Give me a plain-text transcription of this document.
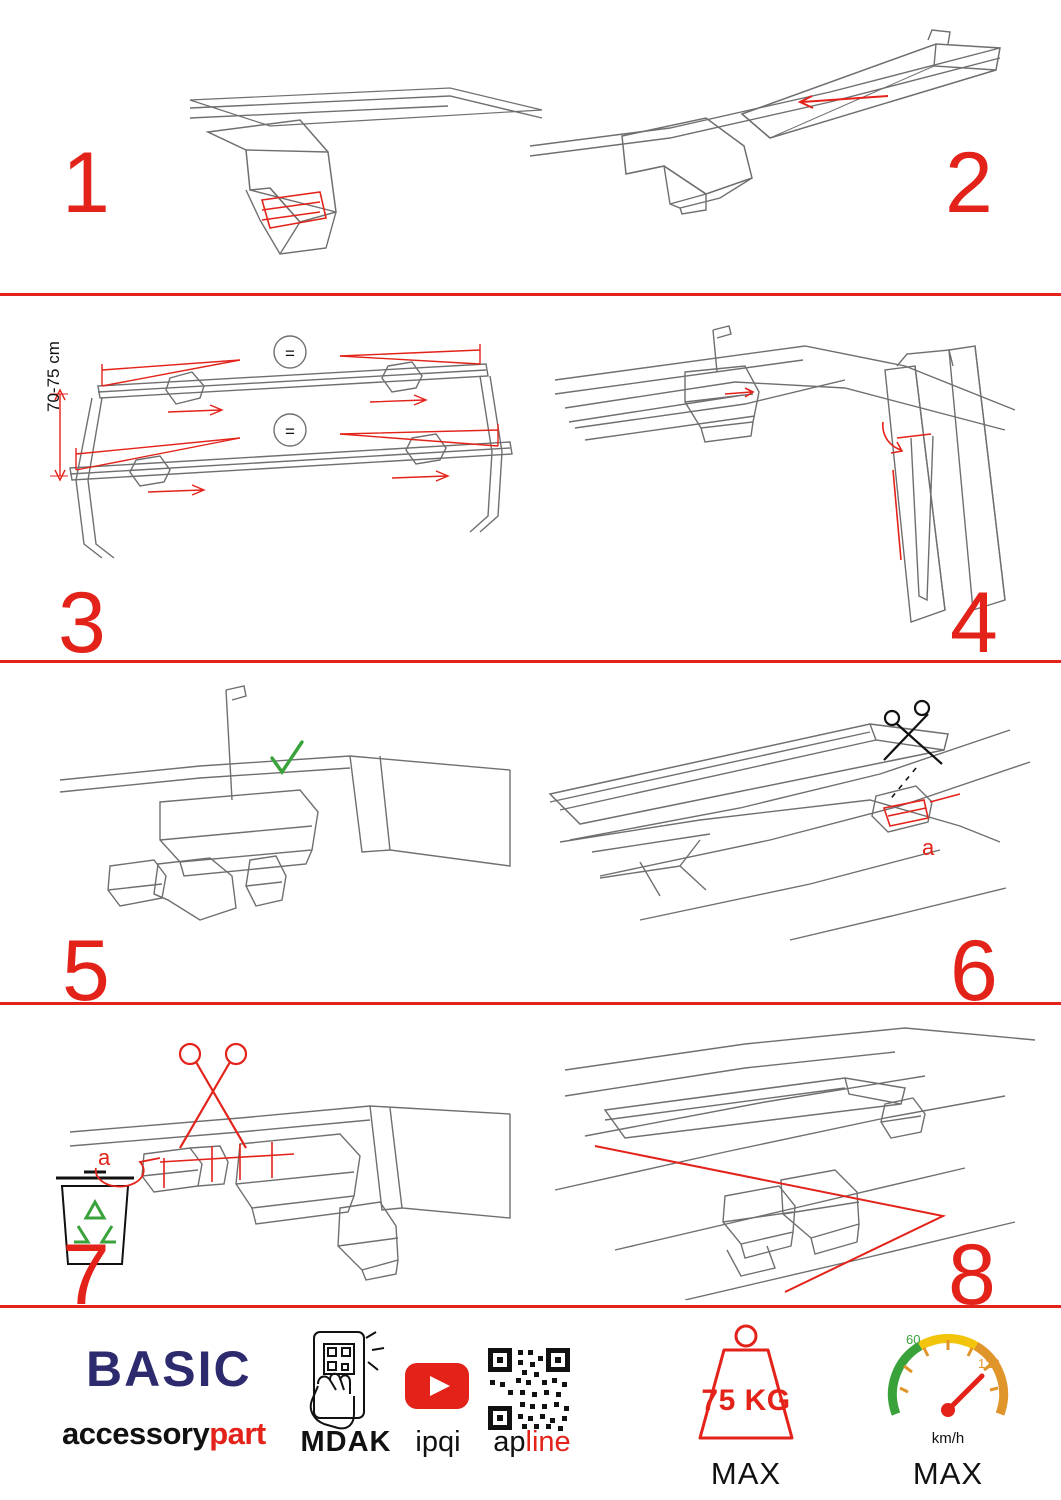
=
=
70-75 cm
a
a
1	2
3	4
5	6
7	8
BASIC
accessorypart	MDAK ipqi	apline
75 KG
MAX
60
120
km/h
MAX
